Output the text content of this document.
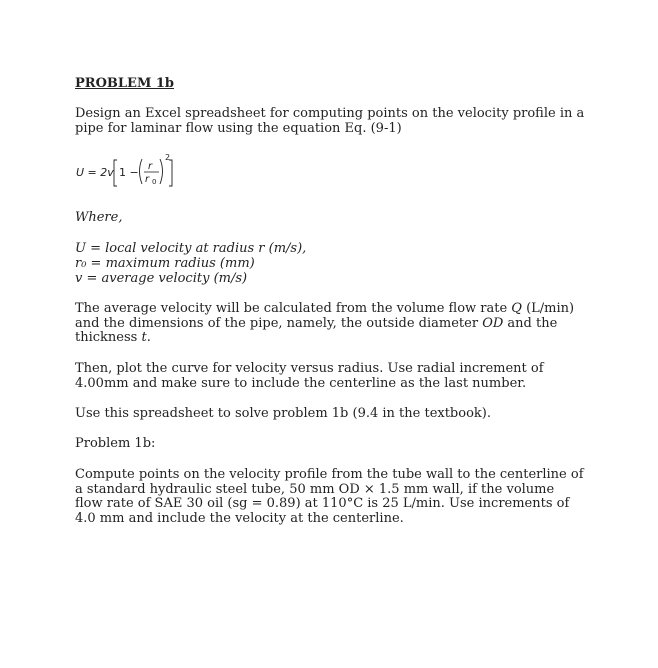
PROBLEM 1b
Design an Excel spreadsheet for computing points on the velocity profile in a pipe for laminar flow using the equation Eq. (9-1)
U = 2v 1 − r
r 0
2
Where,
U = local velocity at radius r (m/s),
r₀ = maximum radius (mm)
v = average velocity (m/s)
The average velocity will be calculated from the volume flow rate Q (L/min) and the dimensions of the pipe, namely, the outside diameter OD and the thickness t.
Then, plot the curve for velocity versus radius. Use radial increment of 4.00mm and make sure to include the centerline as the last number.
Use this spreadsheet to solve problem 1b (9.4 in the textbook).
Problem 1b:
Compute points on the velocity profile from the tube wall to the centerline of a standard hydraulic steel tube, 50 mm OD × 1.5 mm wall, if the volume flow rate of SAE 30 oil (sg = 0.89) at 110°C is 25 L/min. Use increments of 4.0 mm and include the velocity at the centerline.
